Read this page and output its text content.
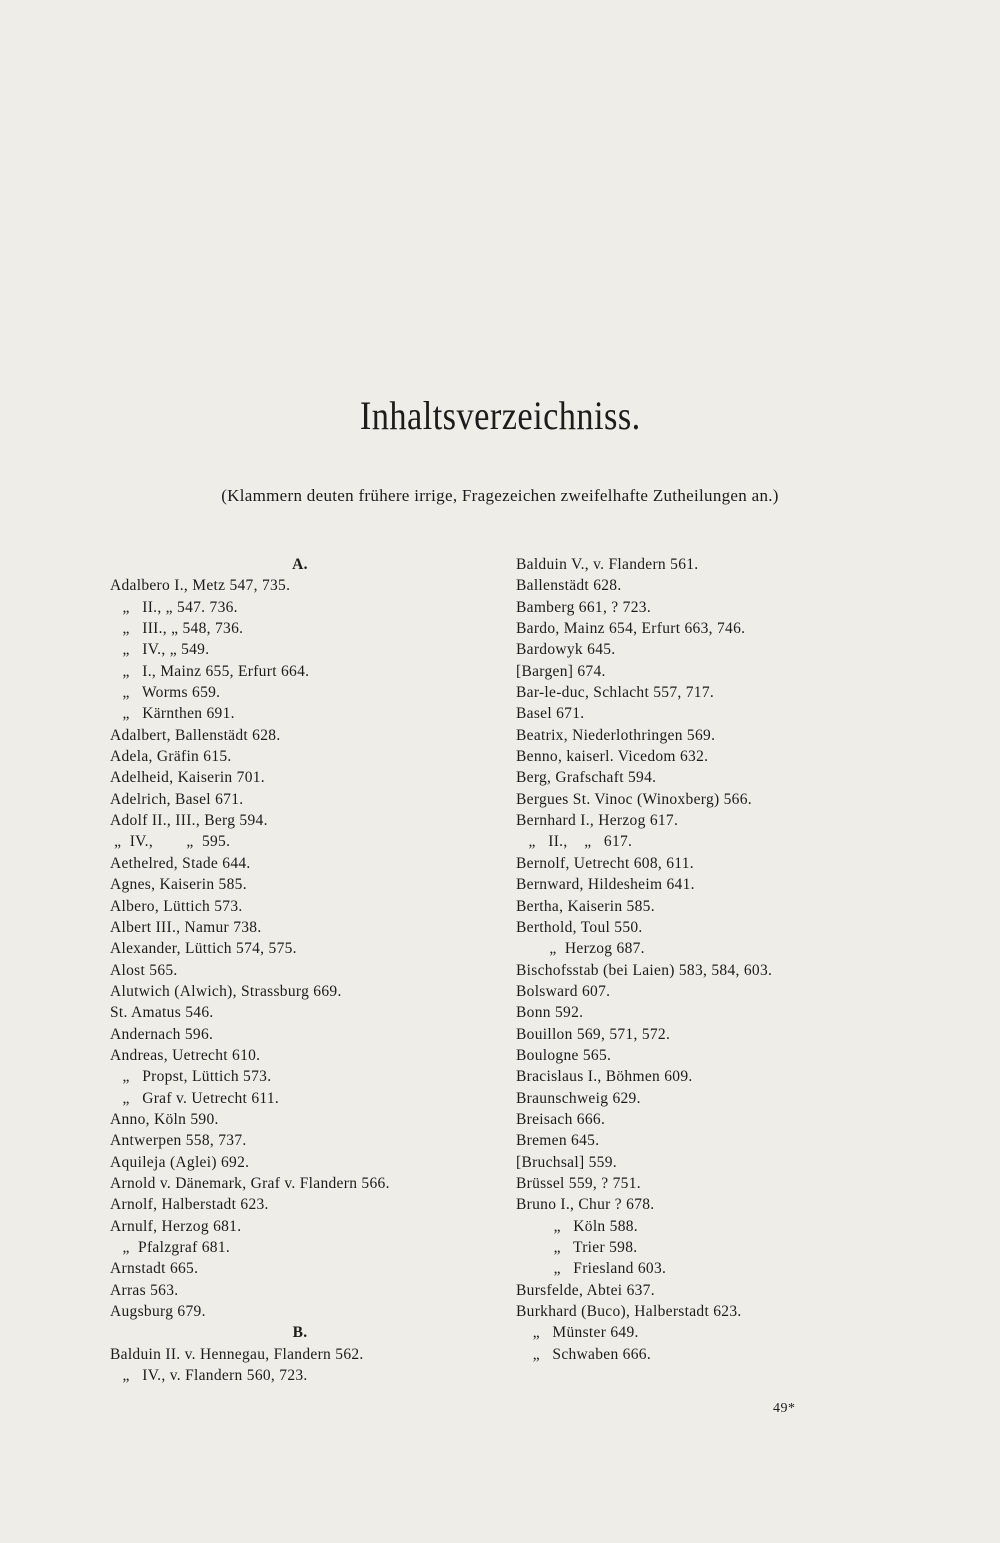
Inhaltsverzeichniss.
(Klammern deuten frühere irrige, Fragezeichen zweifelhafte Zutheilungen an.)
A.
Adalbero I., Metz 547, 735.
„   II., „ 547. 736.
„   III., „ 548, 736.
„   IV., „ 549.
„   I., Mainz 655, Erfurt 664.
„   Worms 659.
„   Kärnthen 691.
Adalbert, Ballenstädt 628.
Adela, Gräfin 615.
Adelheid, Kaiserin 701.
Adelrich, Basel 671.
Adolf II., III., Berg 594.
„  IV.,        „  595.
Aethelred, Stade 644.
Agnes, Kaiserin 585.
Albero, Lüttich 573.
Albert III., Namur 738.
Alexander, Lüttich 574, 575.
Alost 565.
Alutwich (Alwich), Strassburg 669.
St. Amatus 546.
Andernach 596.
Andreas, Uetrecht 610.
„   Propst, Lüttich 573.
„   Graf v. Uetrecht 611.
Anno, Köln 590.
Antwerpen 558, 737.
Aquileja (Aglei) 692.
Arnold v. Dänemark, Graf v. Flandern 566.
Arnolf, Halberstadt 623.
Arnulf, Herzog 681.
„  Pfalzgraf 681.
Arnstadt 665.
Arras 563.
Augsburg 679.
B.
Balduin II. v. Hennegau, Flandern 562.
„   IV., v. Flandern 560, 723.
Balduin V., v. Flandern 561.
Ballenstädt 628.
Bamberg 661, ? 723.
Bardo, Mainz 654, Erfurt 663, 746.
Bardowyk 645.
[Bargen] 674.
Bar-le-duc, Schlacht 557, 717.
Basel 671.
Beatrix, Niederlothringen 569.
Benno, kaiserl. Vicedom 632.
Berg, Grafschaft 594.
Bergues St. Vinoc (Winoxberg) 566.
Bernhard I., Herzog 617.
„   II.,    „   617.
Bernolf, Uetrecht 608, 611.
Bernward, Hildesheim 641.
Bertha, Kaiserin 585.
Berthold, Toul 550.
„  Herzog 687.
Bischofsstab (bei Laien) 583, 584, 603.
Bolsward 607.
Bonn 592.
Bouillon 569, 571, 572.
Boulogne 565.
Bracislaus I., Böhmen 609.
Braunschweig 629.
Breisach 666.
Bremen 645.
[Bruchsal] 559.
Brüssel 559, ? 751.
Bruno I., Chur ? 678.
„   Köln 588.
„   Trier 598.
„   Friesland 603.
Bursfelde, Abtei 637.
Burkhard (Buco), Halberstadt 623.
„   Münster 649.
„   Schwaben 666.
49*
